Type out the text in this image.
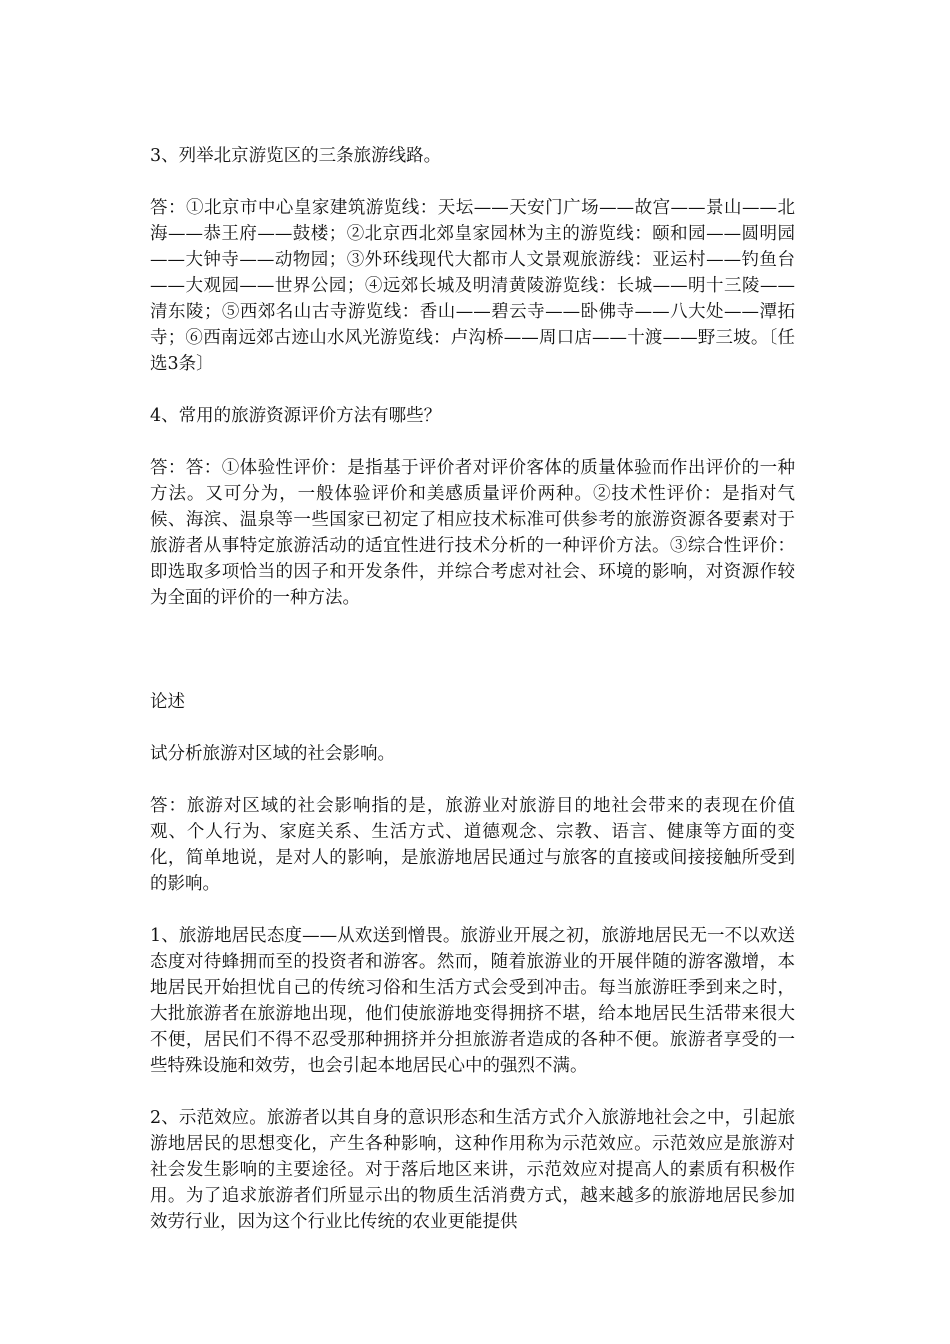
3、列举北京游览区的三条旅游线路。

答：①北京市中心皇家建筑游览线：天坛——天安门广场——故宫——景山——北海——恭王府——鼓楼；②北京西北郊皇家园林为主的游览线：颐和园——圆明园——大钟寺——动物园；③外环线现代大都市人文景观旅游线：亚运村——钓鱼台——大观园——世界公园；④远郊长城及明清黄陵游览线：长城——明十三陵——清东陵；⑤西郊名山古寺游览线：香山——碧云寺——卧佛寺——八大处——潭拓寺；⑥西南远郊古迹山水风光游览线：卢沟桥——周口店——十渡——野三坡。〔任选3条〕

4、常用的旅游资源评价方法有哪些？

答：答：①体验性评价：是指基于评价者对评价客体的质量体验而作出评价的一种方法。又可分为，一般体验评价和美感质量评价两种。②技术性评价：是指对气候、海滨、温泉等一些国家已初定了相应技术标准可供参考的旅游资源各要素对于旅游者从事特定旅游活动的适宜性进行技术分析的一种评价方法。③综合性评价：即选取多项恰当的因子和开发条件，并综合考虑对社会、环境的影响，对资源作较为全面的评价的一种方法。

论述

试分析旅游对区域的社会影响。

答：旅游对区域的社会影响指的是，旅游业对旅游目的地社会带来的表现在价值观、个人行为、家庭关系、生活方式、道德观念、宗教、语言、健康等方面的变化，简单地说，是对人的影响，是旅游地居民通过与旅客的直接或间接接触所受到的影响。

1、旅游地居民态度——从欢送到憎畏。旅游业开展之初，旅游地居民无一不以欢送态度对待蜂拥而至的投资者和游客。然而，随着旅游业的开展伴随的游客激增，本地居民开始担忧自己的传统习俗和生活方式会受到冲击。每当旅游旺季到来之时，大批旅游者在旅游地出现，他们使旅游地变得拥挤不堪，给本地居民生活带来很大不便，居民们不得不忍受那种拥挤并分担旅游者造成的各种不便。旅游者享受的一些特殊设施和效劳，也会引起本地居民心中的强烈不满。

2、示范效应。旅游者以其自身的意识形态和生活方式介入旅游地社会之中，引起旅游地居民的思想变化，产生各种影响，这种作用称为示范效应。示范效应是旅游对社会发生影响的主要途径。对于落后地区来讲，示范效应对提高人的素质有积极作用。为了追求旅游者们所显示出的物质生活消费方式，越来越多的旅游地居民参加效劳行业，因为这个行业比传统的农业更能提供
